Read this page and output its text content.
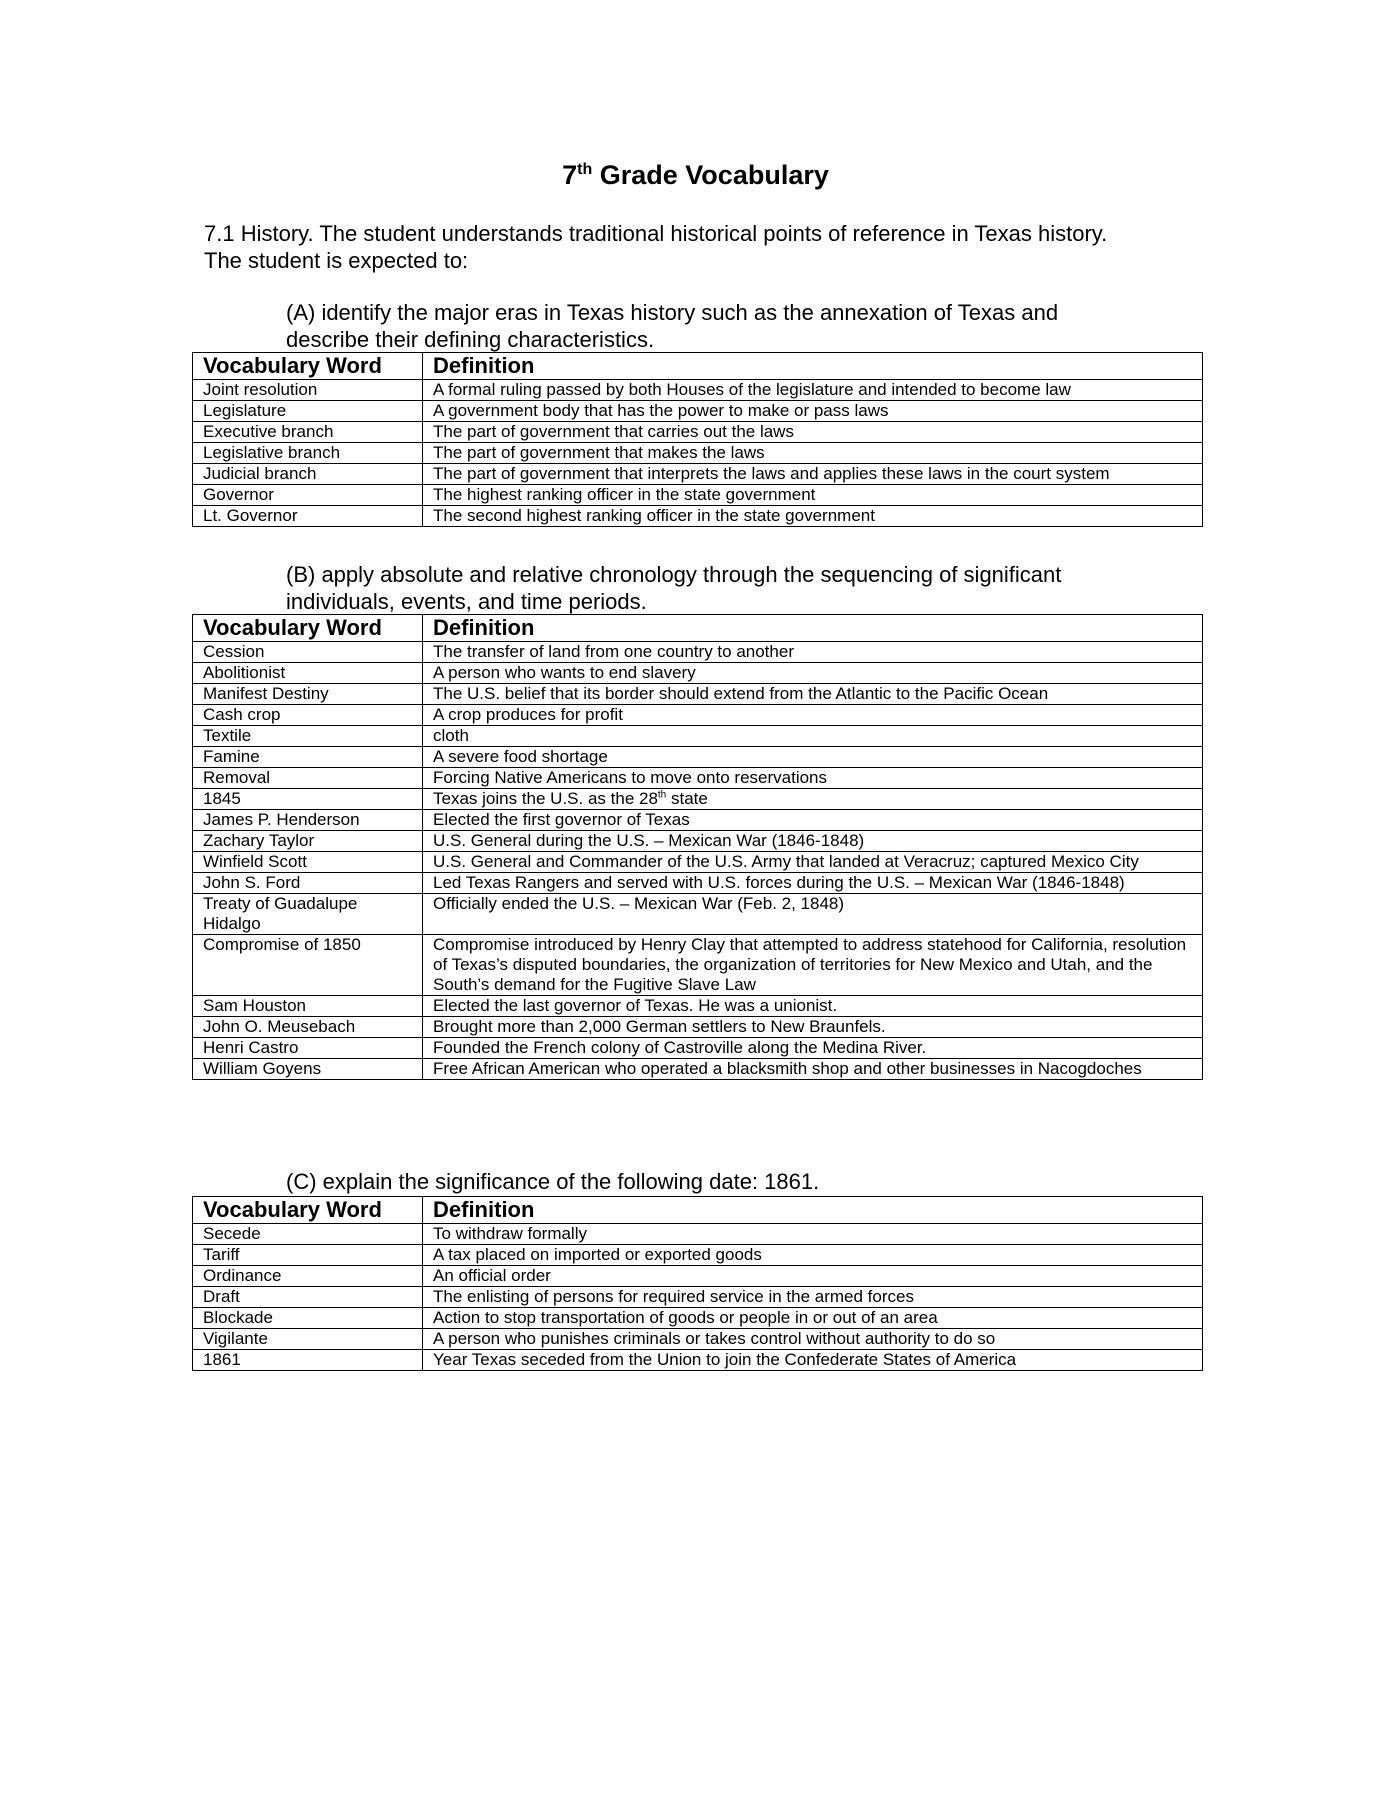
7th Grade Vocabulary

7.1 History. The student understands traditional historical points of reference in Texas history.

The student is expected to:

(A) identify the major eras in Texas history such as the annexation of Texas and
describe their defining characteristics.
Vocabulary Word	Definition
Joint resolution	A formal ruling passed by both Houses of the legislature and intended to become law
Legislature	A government body that has the power to make or pass laws
Executive branch	The part of government that carries out the laws
Legislative branch	The part of government that makes the laws
Judicial branch	The part of government that interprets the laws and applies these laws in the court system
Governor	The highest ranking officer in the state government
Lt. Governor	The second highest ranking officer in the state government
(B) apply absolute and relative chronology through the sequencing of significant
individuals, events, and time periods.
Vocabulary Word	Definition
Cession	The transfer of land from one country to another
Abolitionist	A person who wants to end slavery
Manifest Destiny	The U.S. belief that its border should extend from the Atlantic to the Pacific Ocean
Cash crop	A crop produces for profit
Textile	cloth
Famine	A severe food shortage
Removal	Forcing Native Americans to move onto reservations
1845	Texas joins the U.S. as the 28th state
James P. Henderson	Elected the first governor of Texas
Zachary Taylor	U.S. General during the U.S. – Mexican War (1846-1848)
Winfield Scott	U.S. General and Commander of the U.S. Army that landed at Veracruz; captured Mexico City
John S. Ford	Led Texas Rangers and served with U.S. forces during the U.S. – Mexican War (1846-1848)
Treaty of Guadalupe Hidalgo	Officially ended the U.S. – Mexican War (Feb. 2, 1848)
Compromise of 1850	Compromise introduced by Henry Clay that attempted to address statehood for California, resolution of Texas’s disputed boundaries, the organization of territories for New Mexico and Utah, and the South’s demand for the Fugitive Slave Law
Sam Houston	Elected the last governor of Texas. He was a unionist.
John O. Meusebach	Brought more than 2,000 German settlers to New Braunfels.
Henri Castro	Founded the French colony of Castroville along the Medina River.
William Goyens	Free African American who operated a blacksmith shop and other businesses in Nacogdoches
(C) explain the significance of the following date: 1861.
Vocabulary Word	Definition
Secede	To withdraw formally
Tariff	A tax placed on imported or exported goods
Ordinance	An official order
Draft	The enlisting of persons for required service in the armed forces
Blockade	Action to stop transportation of goods or people in or out of an area
Vigilante	A person who punishes criminals or takes control without authority to do so
1861	Year Texas seceded from the Union to join the Confederate States of America
